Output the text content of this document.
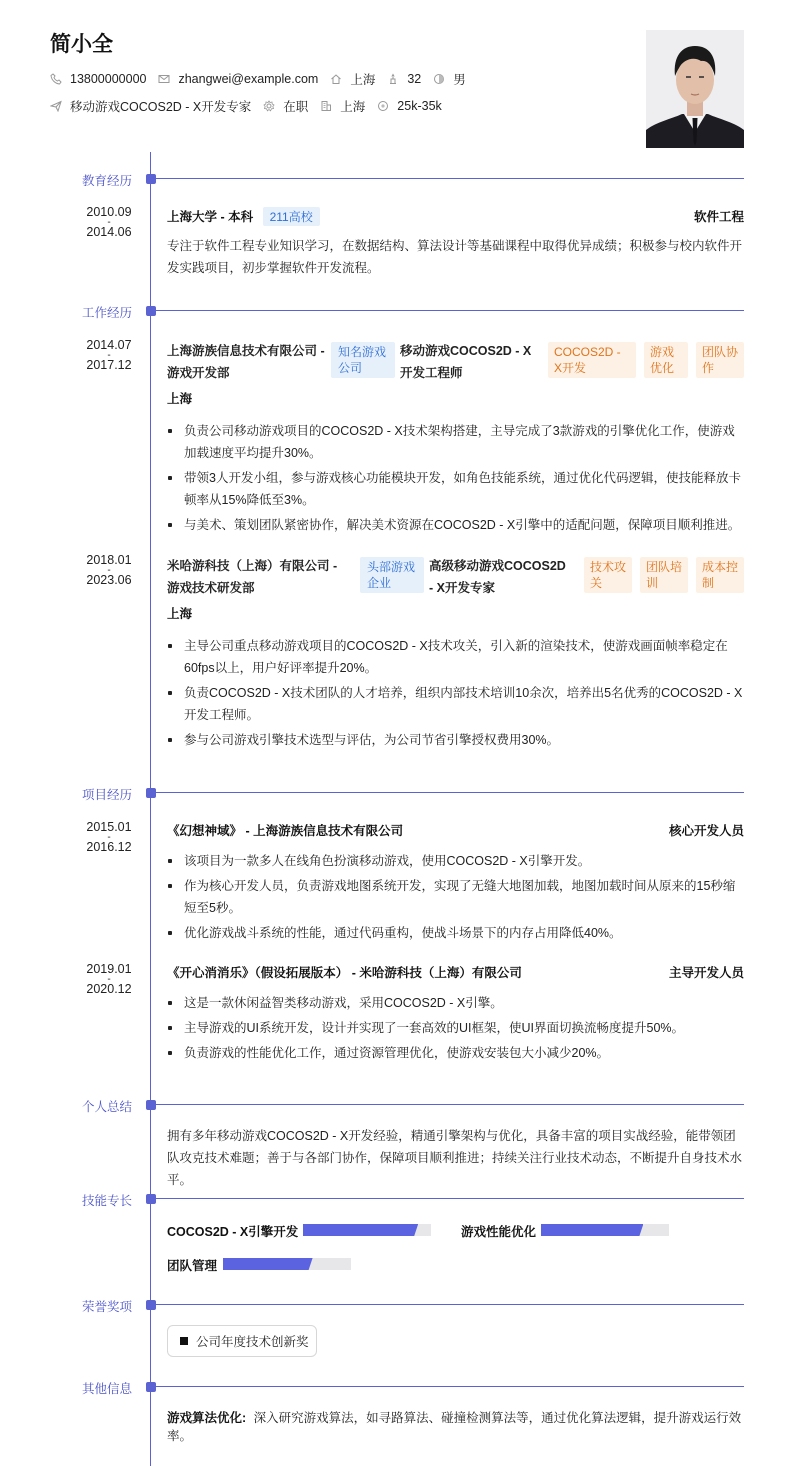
简小全
13800000000	zhangwei@example.com	上海	32	男
移动游戏COCOS2D - X开发专家	在职	上海	25k-35k
教育经历
2010.09
-
2014.06
上海大学 - 本科 211高校	软件工程
专注于软件工程专业知识学习，在数据结构、算法设计等基础课程中取得优异成绩；积极参与校内软件开发实践项目，初步掌握软件开发流程。
工作经历
2014.07
-
2017.12
上海游族信息技术有限公司 - 游戏开发部
知名游戏公司
移动游戏COCOS2D - X开发工程师
COCOS2D - X开发
游戏优化
团队协作
上海
负责公司移动游戏项目的COCOS2D - X技术架构搭建，主导完成了3款游戏的引擎优化工作，使游戏加载速度平均提升30%。
带领3人开发小组，参与游戏核心功能模块开发，如角色技能系统，通过优化代码逻辑，使技能释放卡顿率从15%降低至3%。
与美术、策划团队紧密协作，解决美术资源在COCOS2D - X引擎中的适配问题，保障项目顺利推进。
2018.01
-
2023.06
米哈游科技（上海）有限公司 - 游戏技术研发部
头部游戏企业
高级移动游戏COCOS2D - X开发专家
技术攻关
团队培训
成本控制
上海
主导公司重点移动游戏项目的COCOS2D - X技术攻关，引入新的渲染技术，使游戏画面帧率稳定在60fps以上，用户好评率提升20%。
负责COCOS2D - X技术团队的人才培养，组织内部技术培训10余次，培养出5名优秀的COCOS2D - X开发工程师。
参与公司游戏引擎技术选型与评估，为公司节省引擎授权费用30%。
项目经历
2015.01
-
2016.12
《幻想神域》 - 上海游族信息技术有限公司	核心开发人员
该项目为一款多人在线角色扮演移动游戏，使用COCOS2D - X引擎开发。
作为核心开发人员，负责游戏地图系统开发，实现了无缝大地图加载，地图加载时间从原来的15秒缩短至5秒。
优化游戏战斗系统的性能，通过代码重构，使战斗场景下的内存占用降低40%。
2019.01
-
2020.12
《开心消消乐》（假设拓展版本） - 米哈游科技（上海）有限公司	主导开发人员
这是一款休闲益智类移动游戏，采用COCOS2D - X引擎。
主导游戏的UI系统开发，设计并实现了一套高效的UI框架，使UI界面切换流畅度提升50%。
负责游戏的性能优化工作，通过资源管理优化，使游戏安装包大小减少20%。
个人总结
拥有多年移动游戏COCOS2D - X开发经验，精通引擎架构与优化，具备丰富的项目实战经验，能带领团队攻克技术难题；善于与各部门协作，保障项目顺利推进；持续关注行业技术动态，不断提升自身技术水平。
技能专长
COCOS2D - X引擎开发	游戏性能优化
团队管理
荣誉奖项
公司年度技术创新奖
其他信息
游戏算法优化: 深入研究游戏算法，如寻路算法、碰撞检测算法等，通过优化算法逻辑，提升游戏运行效率。
